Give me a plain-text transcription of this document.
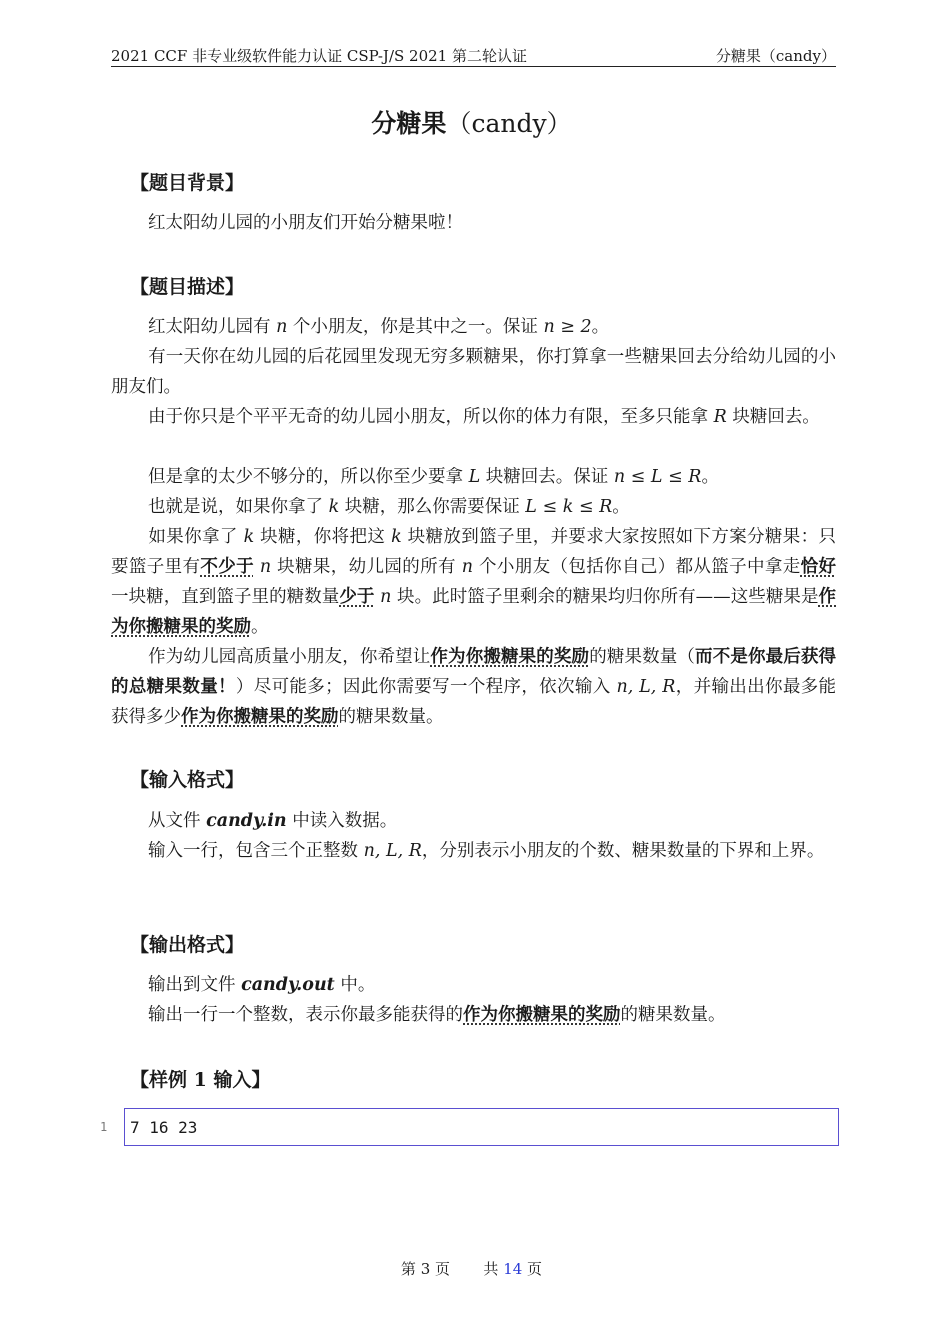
2021 CCF 非专业级软件能力认证 CSP-J/S 2021 第二轮认证	分糖果（candy）
分糖果（candy）
【题目背景】
红太阳幼儿园的小朋友们开始分糖果啦！
【题目描述】
红太阳幼儿园有 n 个小朋友，你是其中之一。保证 n ≥ 2。
有一天你在幼儿园的后花园里发现无穷多颗糖果，你打算拿一些糖果回去分给幼儿园的小朋友们。
由于你只是个平平无奇的幼儿园小朋友，所以你的体力有限，至多只能拿 R 块糖回去。
但是拿的太少不够分的，所以你至少要拿 L 块糖回去。保证 n ≤ L ≤ R。
也就是说，如果你拿了 k 块糖，那么你需要保证 L ≤ k ≤ R。
如果你拿了 k 块糖，你将把这 k 块糖放到篮子里，并要求大家按照如下方案分糖果：只要篮子里有不少于 n 块糖果，幼儿园的所有 n 个小朋友（包括你自己）都从篮子中拿走恰好一块糖，直到篮子里的糖数量少于 n 块。此时篮子里剩余的糖果均归你所有——这些糖果是作为你搬糖果的奖励。
作为幼儿园高质量小朋友，你希望让作为你搬糖果的奖励的糖果数量（而不是你最后获得的总糖果数量！）尽可能多；因此你需要写一个程序，依次输入 n, L, R，并输出出你最多能获得多少作为你搬糖果的奖励的糖果数量。
【输入格式】
从文件 candy.in 中读入数据。
输入一行，包含三个正整数 n, L, R，分别表示小朋友的个数、糖果数量的下界和上界。
【输出格式】
输出到文件 candy.out 中。
输出一行一个整数，表示你最多能获得的作为你搬糖果的奖励的糖果数量。
【样例 1 输入】
1 7 16 23
第 3 页 共 14 页
